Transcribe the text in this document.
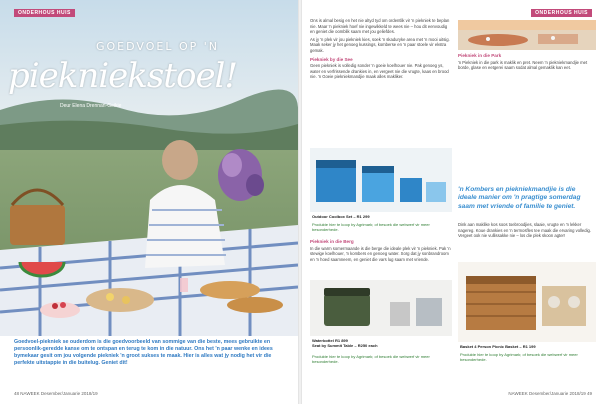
ONDERHOUS HUIS
GOEDVOEL OP 'N
piekniekstoel!
Deur Elena Drennan-Geikie
Goedvoel-piekniek se ouderdom is die goedvoorbeeld van sommige van die beste, mees gebruikte en persoonlik-geredde kanse om te ontspan en terug te kom in die natuur. Ons het 'n paar wenke en idees bymekaar gesit om jou volgende piekniek 'n groot sukses te maak. Hier is alles wat jy nodig het vir die perfekte uitstappie in die buitelug. Geniet dit!
48 NAWEEK Desember/Januarie 2018/19
ONDERHOUS HUIS

Ons is almal besig en het nie altyd tyd om ordentlik vir 'n piekniek te beplan nie. Maar 'n piekniek hoef nie ingewikkeld te wees nie – hou dit eenvoudig en geniet die oomblik saam met jou geliefdes.

As jy 'n plek vir jou piekniek kies, soek 'n skaduryke area met 'n mooi uitsig. Maak seker jy het genoeg kussings, komberse en 'n paar stoele vir ekstra gemak.

Piekniek by die See

Geen piekniek is volledig sonder 'n goeie koelhouer nie. Pak genoeg ys, water en verfrissende drankies in, en vergeet nie die vrugte, kaas en brood nie. 'n Goeie piekniekmandjie maak alles makliker.

Outdoor Coolbox Set – R1 299
Produkte hier te koop by Agrimark; of besoek die webwerf vir meer besonderhede.
Piekniek in die Berg

In die warm somermaande is die berge die ideale plek vir 'n piekniek. Pak 'n stewige koelhouer, 'n kombers en genoeg water. Sorg dat jy sonbrandroom en 'n hoed saamneem, en geniet die vars lug saam met vriende.

Piekniek in die Park

'n Piekniek in die park is maklik en pret. Neem 'n piekniekmandjie met borde, glase en eetgerei saam sodat almal gemaklik kan eet.

'n Kombers en piekniekmandjie is die ideale manier om 'n pragtige somerdag saam met vriende of familie te geniet.

Dink aan maklike kos soos toebroodjies, slaaie, vrugte en 'n lekker nagereg. Koue drankies en 'n termosfles tee maak die ervaring volledig. Vergeet ook nie vullissakke nie – los die plek skoon agter!

Waterbottel R1 899
Seat by Summit Table – R250 each
Produkte hier te koop by Agrimark; of besoek die webwerf vir meer besonderhede.
Basket 4 Person Picnic Basket – R1 199
Produkte hier te koop by Agrimark; of besoek die webwerf vir meer besonderhede.
NAWEEK Desember/Januarie 2018/19 49
